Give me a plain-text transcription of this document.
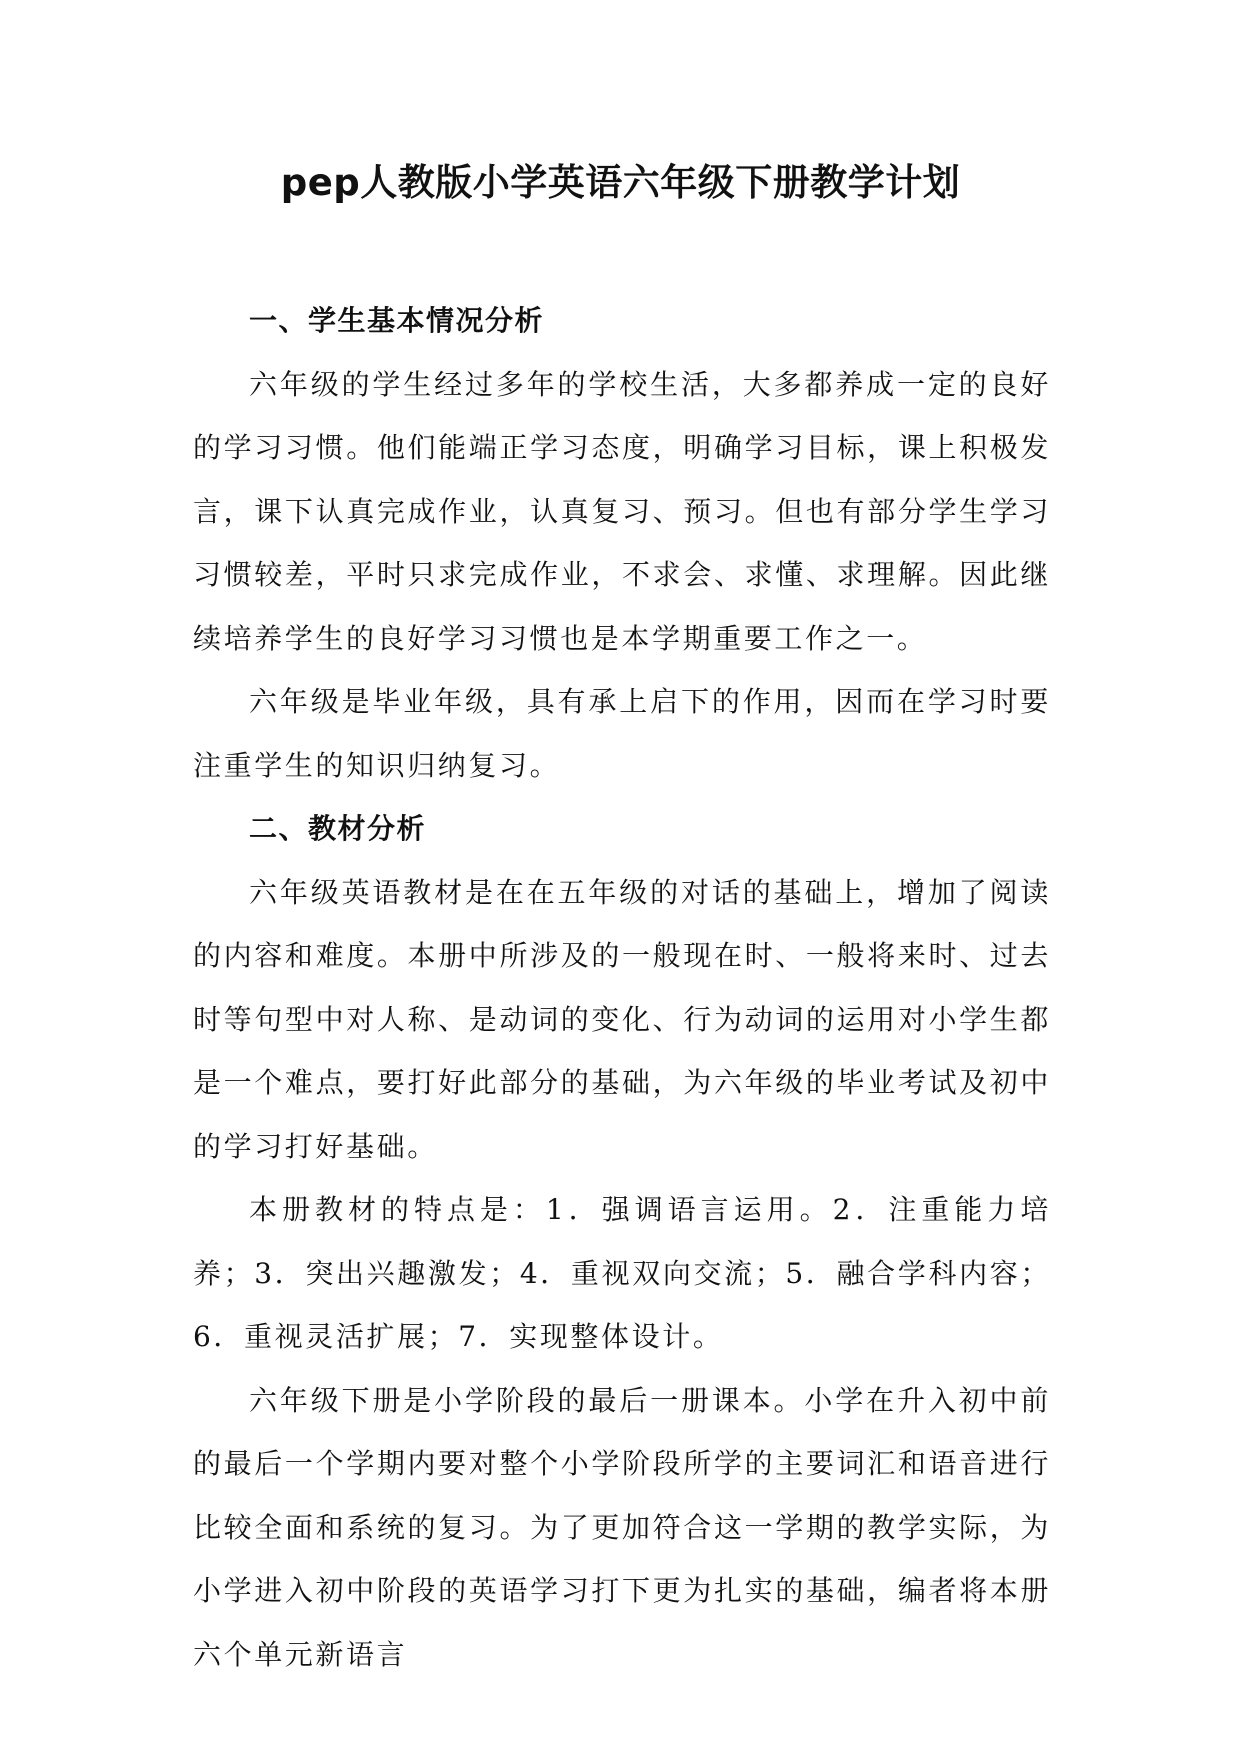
pep人教版小学英语六年级下册教学计划

一、学生基本情况分析

六年级的学生经过多年的学校生活，大多都养成一定的良好的学习习惯。他们能端正学习态度，明确学习目标，课上积极发言，课下认真完成作业，认真复习、预习。但也有部分学生学习习惯较差，平时只求完成作业，不求会、求懂、求理解。因此继续培养学生的良好学习习惯也是本学期重要工作之一。

六年级是毕业年级，具有承上启下的作用，因而在学习时要注重学生的知识归纳复习。

二、教材分析

六年级英语教材是在在五年级的对话的基础上，增加了阅读的内容和难度。本册中所涉及的一般现在时、一般将来时、过去时等句型中对人称、是动词的变化、行为动词的运用对小学生都是一个难点，要打好此部分的基础，为六年级的毕业考试及初中的学习打好基础。

本册教材的特点是：1．强调语言运用。2．注重能力培养；3．突出兴趣激发；4．重视双向交流；5．融合学科内容；6．重视灵活扩展；7．实现整体设计。

六年级下册是小学阶段的最后一册课本。小学在升入初中前的最后一个学期内要对整个小学阶段所学的主要词汇和语音进行比较全面和系统的复习。为了更加符合这一学期的教学实际，为小学进入初中阶段的英语学习打下更为扎实的基础，编者将本册六个单元新语言
